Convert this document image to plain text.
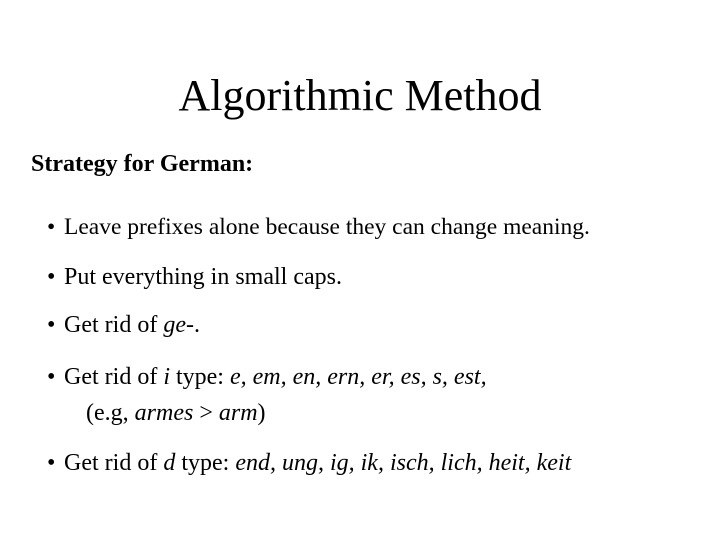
Algorithmic Method
Strategy for German:
• Leave prefixes alone because they can change meaning.
• Put everything in small caps.
• Get rid of ge-.
• Get rid of i type: e, em, en, ern, er, es, s, est,
(e.g, armes > arm)
• Get rid of d type: end, ung, ig, ik, isch, lich, heit, keit
